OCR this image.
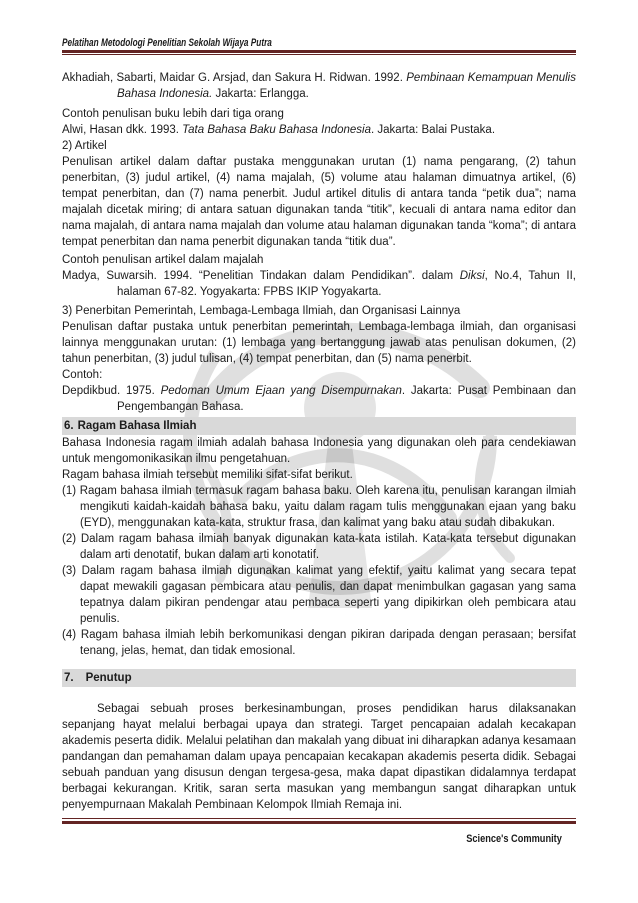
Pelatihan Metodologi Penelitian Sekolah Wijaya Putra

Akhadiah, Sabarti, Maidar G. Arsjad, dan Sakura H. Ridwan. 1992. Pembinaan Kemampuan Menulis Bahasa Indonesia. Jakarta: Erlangga.

Contoh penulisan buku lebih dari tiga orang

Alwi, Hasan dkk. 1993. Tata Bahasa Baku Bahasa Indonesia. Jakarta: Balai Pustaka.

2) Artikel

Penulisan artikel dalam daftar pustaka menggunakan urutan (1) nama pengarang, (2) tahun penerbitan, (3) judul artikel, (4) nama majalah, (5) volume atau halaman dimuatnya artikel, (6) tempat penerbitan, dan (7) nama penerbit. Judul artikel ditulis di antara tanda “petik dua”; nama majalah dicetak miring; di antara satuan digunakan tanda “titik”, kecuali di antara nama editor dan nama majalah, di antara nama majalah dan volume atau halaman digunakan tanda “koma”; di antara tempat penerbitan dan nama penerbit digunakan tanda “titik dua”.

Contoh penulisan artikel dalam majalah

Madya, Suwarsih. 1994. “Penelitian Tindakan dalam Pendidikan”. dalam Diksi, No.4, Tahun II, halaman 67-82. Yogyakarta: FPBS IKIP Yogyakarta.

3) Penerbitan Pemerintah, Lembaga-Lembaga Ilmiah, dan Organisasi Lainnya

Penulisan daftar pustaka untuk penerbitan pemerintah, Lembaga-lembaga ilmiah, dan organisasi lainnya menggunakan urutan: (1) lembaga yang bertanggung jawab atas penulisan dokumen, (2) tahun penerbitan, (3) judul tulisan, (4) tempat penerbitan, dan (5) nama penerbit.

Contoh:

Depdikbud. 1975. Pedoman Umum Ejaan yang Disempurnakan. Jakarta: Pusat Pembinaan dan Pengembangan Bahasa.

6. Ragam Bahasa Ilmiah

Bahasa Indonesia ragam ilmiah adalah bahasa Indonesia yang digunakan oleh para cendekiawan untuk mengomonikasikan ilmu pengetahuan.

Ragam bahasa ilmiah tersebut memiliki sifat-sifat berikut.

(1) Ragam bahasa ilmiah termasuk ragam bahasa baku. Oleh karena itu, penulisan karangan ilmiah mengikuti kaidah-kaidah bahasa baku, yaitu dalam ragam tulis menggunakan ejaan yang baku (EYD), menggunakan kata-kata, struktur frasa, dan kalimat yang baku atau sudah dibakukan.

(2) Dalam ragam bahasa ilmiah banyak digunakan kata-kata istilah. Kata-kata tersebut digunakan dalam arti denotatif, bukan dalam arti konotatif.

(3) Dalam ragam bahasa ilmiah digunakan kalimat yang efektif, yaitu kalimat yang secara tepat dapat mewakili gagasan pembicara atau penulis, dan dapat menimbulkan gagasan yang sama tepatnya dalam pikiran pendengar atau pembaca seperti yang dipikirkan oleh pembicara atau penulis.

(4) Ragam bahasa ilmiah lebih berkomunikasi dengan pikiran daripada dengan perasaan; bersifat tenang, jelas, hemat, dan tidak emosional.

7. Penutup

Sebagai sebuah proses berkesinambungan, proses pendidikan harus dilaksanakan sepanjang hayat melalui berbagai upaya dan strategi. Target pencapaian adalah kecakapan akademis peserta didik. Melalui pelatihan dan makalah yang dibuat ini diharapkan adanya kesamaan pandangan dan pemahaman dalam upaya pencapaian kecakapan akademis peserta didik. Sebagai sebuah panduan yang disusun dengan tergesa-gesa, maka dapat dipastikan didalamnya terdapat berbagai kekurangan. Kritik, saran serta masukan yang membangun sangat diharapkan untuk penyempurnaan Makalah Pembinaan Kelompok Ilmiah Remaja ini.

Science's Community
